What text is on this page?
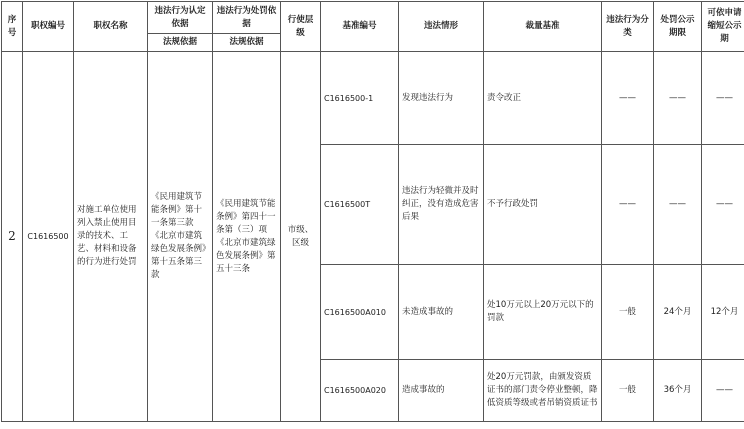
序号	职权编号	职权名称	违法行为认定依据	违法行为处罚依据	行使层级	基准编号	违法情形	裁量基准	违法行为分类	处罚公示期限	可依申请缩短公示期
			法规依据	法规依据							
2	C1616500	对施工单位使用列入禁止使用目录的技术、工艺、材料和设备的行为进行处罚	《民用建筑节能条例》第十一条第三款 《北京市建筑绿色发展条例》第十五条第三款	《民用建筑节能条例》第四十一条第（三）项 《北京市建筑绿色发展条例》第五十三条	市级、区级	C1616500-1	发现违法行为	责令改正	——	——	——
						C1616500T	违法行为轻微并及时纠正，没有造成危害后果	不予行政处罚	——	——	——
						C1616500A010	未造成事故的	处10万元以上20万元以下的罚款	一般	24个月	12个月
						C1616500A020	造成事故的	处20万元罚款，由颁发资质证书的部门责令停业整顿，降低资质等级或者吊销资质证书	一般	36个月	——
